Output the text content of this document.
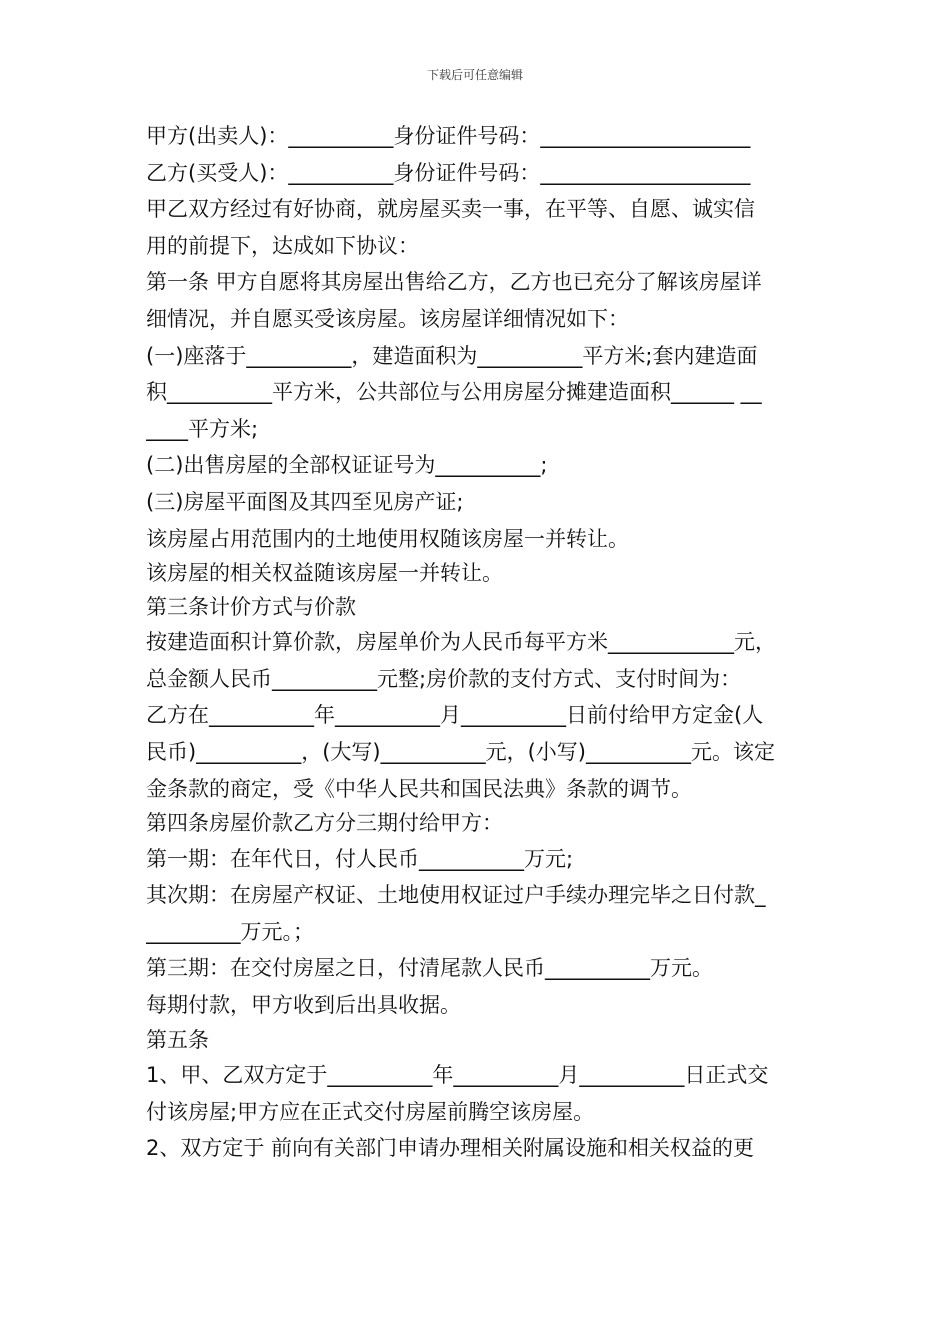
下载后可任意编辑
甲方(出卖人)：__________身份证件号码：____________________
乙方(买受人)：__________身份证件号码：____________________
甲乙双方经过有好协商，就房屋买卖一事，在平等、自愿、诚实信
用的前提下，达成如下协议：
第一条 甲方自愿将其房屋出售给乙方，乙方也已充分了解该房屋详
细情况，并自愿买受该房屋。该房屋详细情况如下：
(一)座落于__________，建造面积为__________平方米;套内建造面
积__________平方米，公共部位与公用房屋分摊建造面积______ __
____平方米;
(二)出售房屋的全部权证证号为__________;
(三)房屋平面图及其四至见房产证;
该房屋占用范围内的土地使用权随该房屋一并转让。
该房屋的相关权益随该房屋一并转让。
第三条计价方式与价款
按建造面积计算价款，房屋单价为人民币每平方米____________元，
总金额人民币__________元整;房价款的支付方式、支付时间为：
乙方在__________年__________月__________日前付给甲方定金(人
民币)__________，(大写)__________元，(小写)__________元。该定
金条款的商定，受《中华人民共和国民法典》条款的调节。
第四条房屋价款乙方分三期付给甲方：
第一期：在年代日，付人民币__________万元;
其次期：在房屋产权证、土地使用权证过户手续办理完毕之日付款_
_________万元。；
第三期：在交付房屋之日，付清尾款人民币__________万元。
每期付款，甲方收到后出具收据。
第五条
1、甲、乙双方定于__________年__________月__________日正式交
付该房屋;甲方应在正式交付房屋前腾空该房屋。
2、双方定于 前向有关部门申请办理相关附属设施和相关权益的更
